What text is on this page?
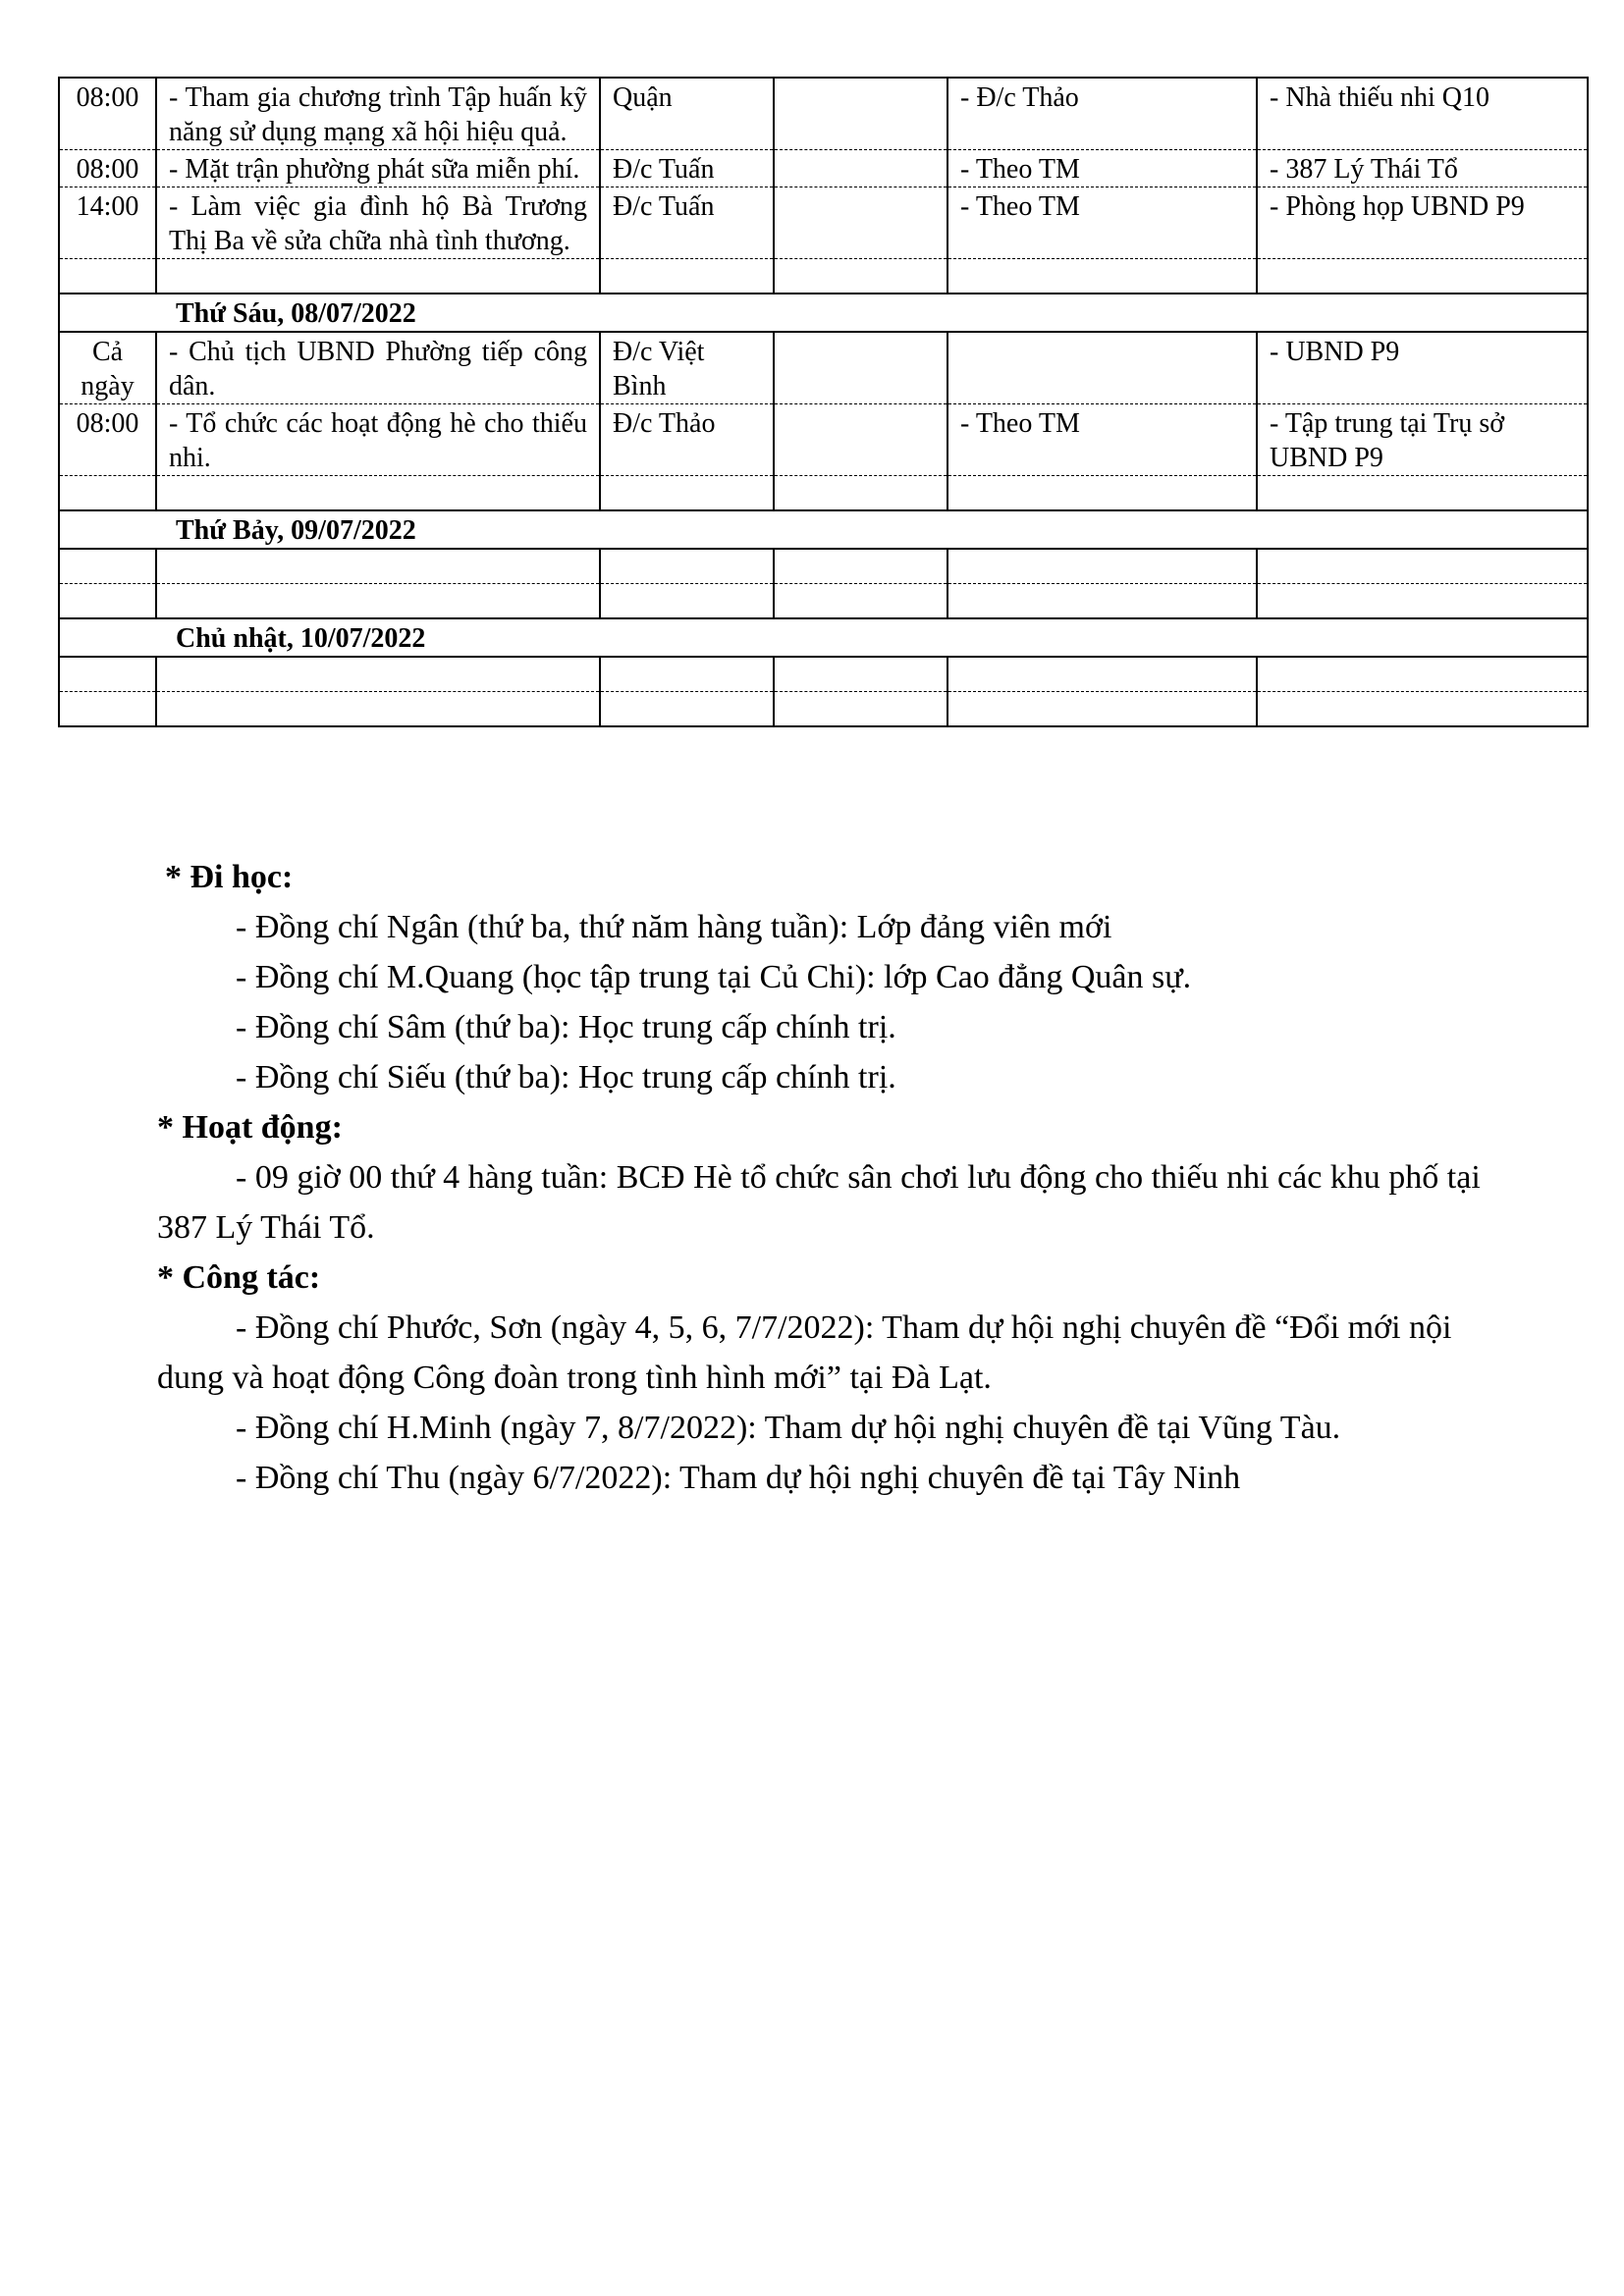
08:00	- Tham gia chương trình Tập huấn kỹ năng sử dụng mạng xã hội hiệu quả.	Quận		- Đ/c Thảo	- Nhà thiếu nhi Q10
08:00	- Mặt trận phường phát sữa miễn phí.	Đ/c Tuấn		- Theo TM	- 387 Lý Thái Tổ
14:00	- Làm việc gia đình hộ Bà Trương Thị Ba về sửa chữa nhà tình thương.	Đ/c Tuấn		- Theo TM	- Phòng họp UBND P9

Thứ Sáu, 08/07/2022					
Cả ngày	- Chủ tịch UBND Phường tiếp công dân.	Đ/c Việt Bình			- UBND P9
08:00	- Tổ chức các hoạt động hè cho thiếu nhi.	Đ/c Thảo		- Theo TM	- Tập trung tại Trụ sở UBND P9

Thứ Bảy, 09/07/2022					

Chủ nhật, 10/07/2022					

* Đi học:

- Đồng chí Ngân (thứ ba, thứ năm hàng tuần): Lớp đảng viên mới

- Đồng chí M.Quang (học tập trung tại Củ Chi): lớp Cao đẳng Quân sự.

- Đồng chí Sâm (thứ ba): Học trung cấp chính trị.

- Đồng chí Siếu (thứ ba): Học trung cấp chính trị.

* Hoạt động:

- 09 giờ 00 thứ 4 hàng tuần: BCĐ Hè tổ chức sân chơi lưu động cho thiếu nhi các khu phố tại 387 Lý Thái Tổ.

* Công tác:

- Đồng chí Phước, Sơn (ngày 4, 5, 6, 7/7/2022): Tham dự hội nghị chuyên đề “Đổi mới nội dung và hoạt động Công đoàn trong tình hình mới” tại Đà Lạt.

- Đồng chí H.Minh (ngày 7, 8/7/2022): Tham dự hội nghị chuyên đề tại Vũng Tàu.

- Đồng chí Thu (ngày 6/7/2022): Tham dự hội nghị chuyên đề tại Tây Ninh
